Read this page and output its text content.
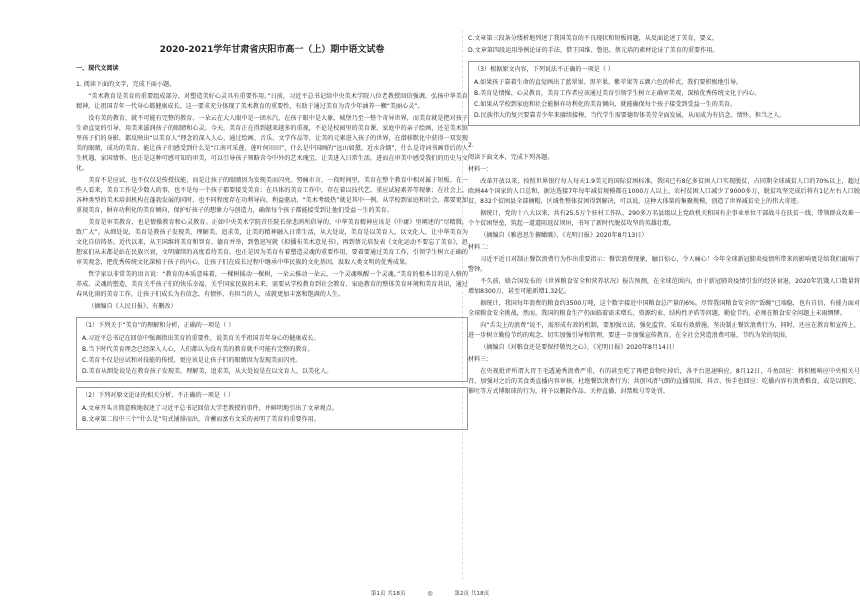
2020-2021学年甘肃省庆阳市高一（上）期中语文试卷
一、现代文阅读

1. 阅读下面的文字，完成下面小题。

“美术教育是美育的重要组成部分，对塑造美好心灵具有重要作用。”日前，习近平总书记给中央美术学院八位老教授回信强调，弘扬中华美育精神，让祖国青年一代身心都健康成长。这一要求充分体现了美术教育的重要性，有助于通过美育为青少年涵养一颗“美丽心灵”。

没有美的教育，就不可能有完整的教育。一朵云在大人眼中是一团水汽，在孩子眼中是大象、城堡乃至一整个奇异世界，而美育就是把对孩子生命直觉的引导，用美来滋润孩子的眼睛和心灵。今天，美育正在得到越来越多的重视，不论是校园里的美育课、家庭中的亲子绘画，还是美术馆里孩子们的身影，都反映出“以美育人”理念的深入人心，通过绘画、音乐、文学作品等，让美的元素进入孩子的世界，在潜移默化中获得一双发现美的眼睛，成功的美育，能让孩子们感受到什么是“江南可采莲，莲叶何田田”，什么是中国画的“远山如黛、近水含烟”，什么是诗词书画背后的人生机遇、家国情怀，也正是这种可感可知的审美，可以引导孩子领略含今中外的艺术瑰宝，让美进入日常生活，进而在审美中感受我们的历史与文化。

美育不是应试，也不仅仅是传授技能，而是让孩子的眼睛因为发现美而闪亮。努痛市言，一段时间里，美育在整个教育中相对属于短板。在一些人看来，美育工作是少数人的事，也不是每一个孩子都要接受美育；在具体的美育工作中，存在着以技代艺、重应试轻素养等现象；在社会上，各种类型的美术培训机构在蓬勃发展的同时，也不同程度存在功利导向、利益驱动、“美术考级热”就是其中一例。从学校到家庭和社会，都要更加重视美育，摒弃功利化的美育倾向，保护好孩子的想象力与创造力，确保每个孩子都能接受到让他们受益一生的美育。

美育是审美教育，也是情操教育和心灵教育。正如中央美术学院首任院长徐悲鸿所倡导的，中华美育精神应该是《中庸》里阐述的“尽精微，致广大”。从细处说，美育是教孩子发现美、理解美、追求美，让美的精神融入日常生活，从大处说，美育是以美育人，以文化人，让中华美育为文化自信铸基。近代以来，从王国维将美育和智育、德育并举，到鲁迅写就《拟播布美术意见书》，再到蔡元培发表《文化运动不要忘了美育》，思想家们从未都是站在民族兴衰，文明赓续的高度看待美育。也正是因为美育有着塑造灵魂的重要作用，要着要通过美育工作，引领学生树立正确的审美观念，把优秀传统文化深植于孩子的内心，让孩子们在成长过程中继承中华民族的文化基因，汲取人类文明的优秀成果。

哲学家以非常美的语言说：“教育的本质意味着，一棵树摇动一棵树，一朵云推动一朵云，一个灵魂唤醒一个灵魂。”美育的根本目的是人格的养成、灵魂的塑造，美育关乎孩子们的快乐幸福，关乎国家民族的未来，需要从学校教育到社会教育、家庭教育的整体美育环境和美育共识，通过春风化雨的美育工作，让孩子们成长为有信念、有情怀、有担当的人，成就更加丰富和饱满的人生。

（摘编自《人民日报》，有删改）

（1）下列关于“美育”的理解和分析，正确的一项是（ ）

A.习近平总书记在回信中强调指出美育的重要性，说美育关乎祖国青年身心的健康成长。

B.当下时代美育理念已经深入人心，人们都认为没有美的教育就不可能有完整的教育。

C.美育不仅是应试和对技能的传授，更应该是让孩子们的眼睛因为发现美而闪亮。

D.美育从细处说是在教育孩子发现美、理解美、追求美，从大处说是在以文育人、以美化人。

（2）下列对原文论证的相关分析，不正确的一项是（ ）

A.文章开头言简意赅地叙述了习近平总书记回信大学老教授的事件，并鲜明地引出了文章观点。

B.文章第二段中三个“什么是”句式铺排而出，含蓄而富有文采的表明了美育的重要作用。

C.文章第三段条分缕析地列述了我国美育的不良现状和短板问题，从反面论述了美育，要义。

D.文章第四段运用举例论证的手法，借王国维、鲁迅、蔡元培的素材论证了美育的重要作用。

（3）根据原文内容，下列说法不正确的一项是（ ）

A.如果孩子靠着生命的直觉画出了蓝翠果、黑苹果、紫苹果等五颜六色的样式，我们要积极地引导。

B.美育是情操、心灵教育，美育工作者应该通过美育引领学生树立正确审美观，深植优秀传统文化于内心。

C.如果从学校到家庭和社会能摒弃功利化的美育倾向，就能确保每个孩子接受到受益一生的美育。

D.民族伟大的复兴要靠青少年来赓续接棒，当代学生需要德智体美劳全面发展，从而成为有信念、情怀、担当之人。

2.

阅读下面文本，完成下列各题。

材料一：

改革开放以来，按照世界银行每人每天1.9美元的国际贫困标准，我国已有8亿多贫困人口实现脱贫，占同期全球减贫人口的70%以上，超过欧洲44个国家的人口总和，据达选接7年每年减贫规模都在1000万人以上，农村贫困人口减少了9000多万，脱贫攻坚完成后将有1亿左右人口脱贫，832个贫困县全部摘帽，区域性整体贫困得到解决，可以说，这种大体量的集聚规模，创造了世界减贫史上的伟大奇迹。

据统计，党的十八大以来，共有25.5万个驻村工作队、290多万名县级以上党政机关和国有企事业单位干部战斗在扶贫一线，带领群众攻难一个个贫困堡垒，筑起一道道阻返贫坝垣，书写了新时代脱贫攻坚的英雄壮歌。

（摘编自《雅恩思生俯瞰眺》，《光明日报》2020年8月13日）

材料二：

习近平近日对制止餐饮浪费行为作出重要指示：餐饮浪费现象，触目惊心，令人痛心！今年全球新冠肺炎疫情所带来的影响更是给我们敲响了警钟。

不久前，联合国发布的《世界粮食安全和营养状况》报告预测，在全球范围内，由于新冠肺炎疫情引发的经济衰退，2020年饥饿人口数量将增加8300万，甚至可能新增1.32亿。

据统计，我国每年浪费的粮食约3500万吨，这个数字接近中国粮食总产量的6%。尽管我国粮食安全的“饭碗”已端稳，也有自信，有能力面对全球粮食安全挑战，然而，我国的粮食生产仍面临着需求增长、资源约束、结构性矛盾等问题，勤俭节约，必须在粮食安全问题上未雨绸缪。

向“舌尖上的浪费”说不，需形成有效的机制，要加强立法，强化监管，采取有效措施，坚决制止餐饮浪费行为，同时，还应在教育和宣传上，进一步树立勤俭节约的观念，切实加强引导和管理，要进一步加强宣传教育，在全社会营造浪费可耻，节约为荣的氛围。

（摘编自《对粮食还是要保持敬畏之心》，《光明日报》2020年8月14日）

材料三：

在央视批评所谓大胃王毛透通秀浪费严重，有的甚至吃了再把食物吐掉后，各平台迅速响应，8月12日，斗鱼回应：将积极响应中央相关号召，加强对之后的美食类直播内容审核，杜绝餐饮浪费行为；共创风清气朗的直播氛围，抖音、快手也回应：吃播内容有浪费粮食，或是以假吃、催吐等方式博眼球的行为，将予以删除作品、关停直播、封禁账号等处罚。

第1页 共18页	◎	第2页 共18页
